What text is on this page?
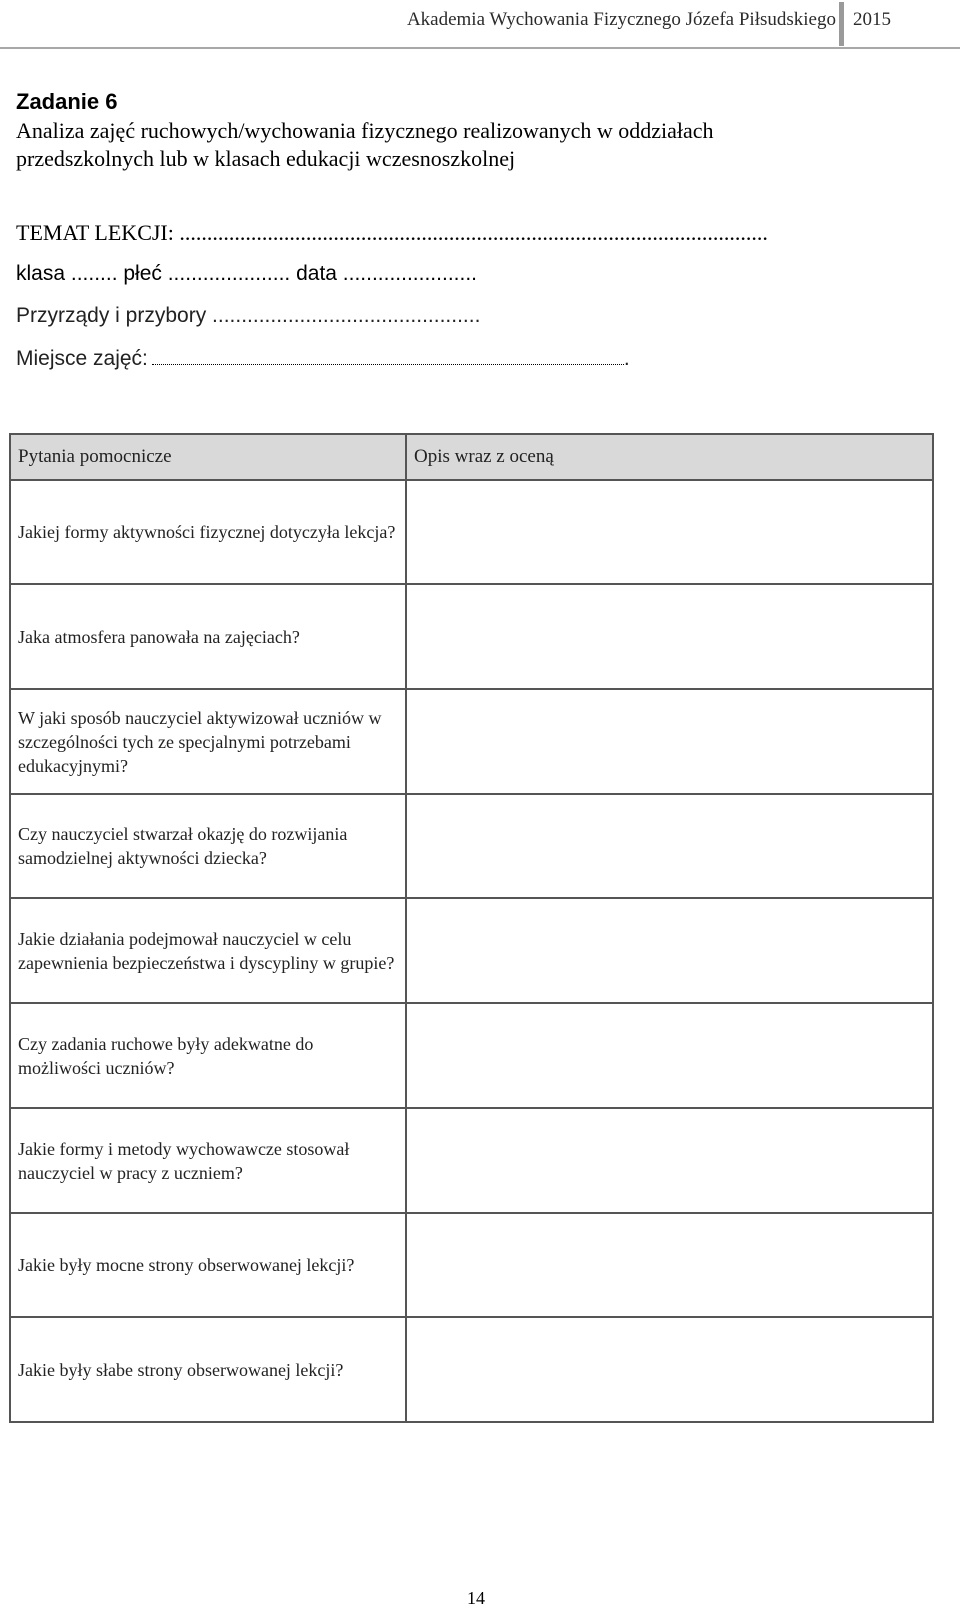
Akademia Wychowania Fizycznego Józefa Piłsudskiego 2015
Zadanie 6
Analiza zajęć ruchowych/wychowania fizycznego realizowanych w oddziałach przedszkolnych lub w klasach edukacji wczesnoszkolnej
TEMAT LEKCJI: ...........................................................................................................
klasa ........ płeć ..................... data .......................
Przyrządy i przybory ..............................................
Miejsce zajęć:	.
Pytania pomocnicze	Opis wraz z oceną
Jakiej formy aktywności fizycznej dotyczyła lekcja?	
Jaka atmosfera panowała na zajęciach?	
W jaki sposób nauczyciel aktywizował uczniów w szczególności tych ze specjalnymi potrzebami edukacyjnymi?	
Czy nauczyciel stwarzał okazję do rozwijania samodzielnej aktywności dziecka?	
Jakie działania podejmował nauczyciel w celu zapewnienia bezpieczeństwa i dyscypliny w grupie?	
Czy zadania ruchowe były adekwatne do możliwości uczniów?	
Jakie formy i metody wychowawcze stosował nauczyciel w pracy z uczniem?	
Jakie były mocne strony obserwowanej lekcji?	
Jakie były słabe strony obserwowanej lekcji?	
14
